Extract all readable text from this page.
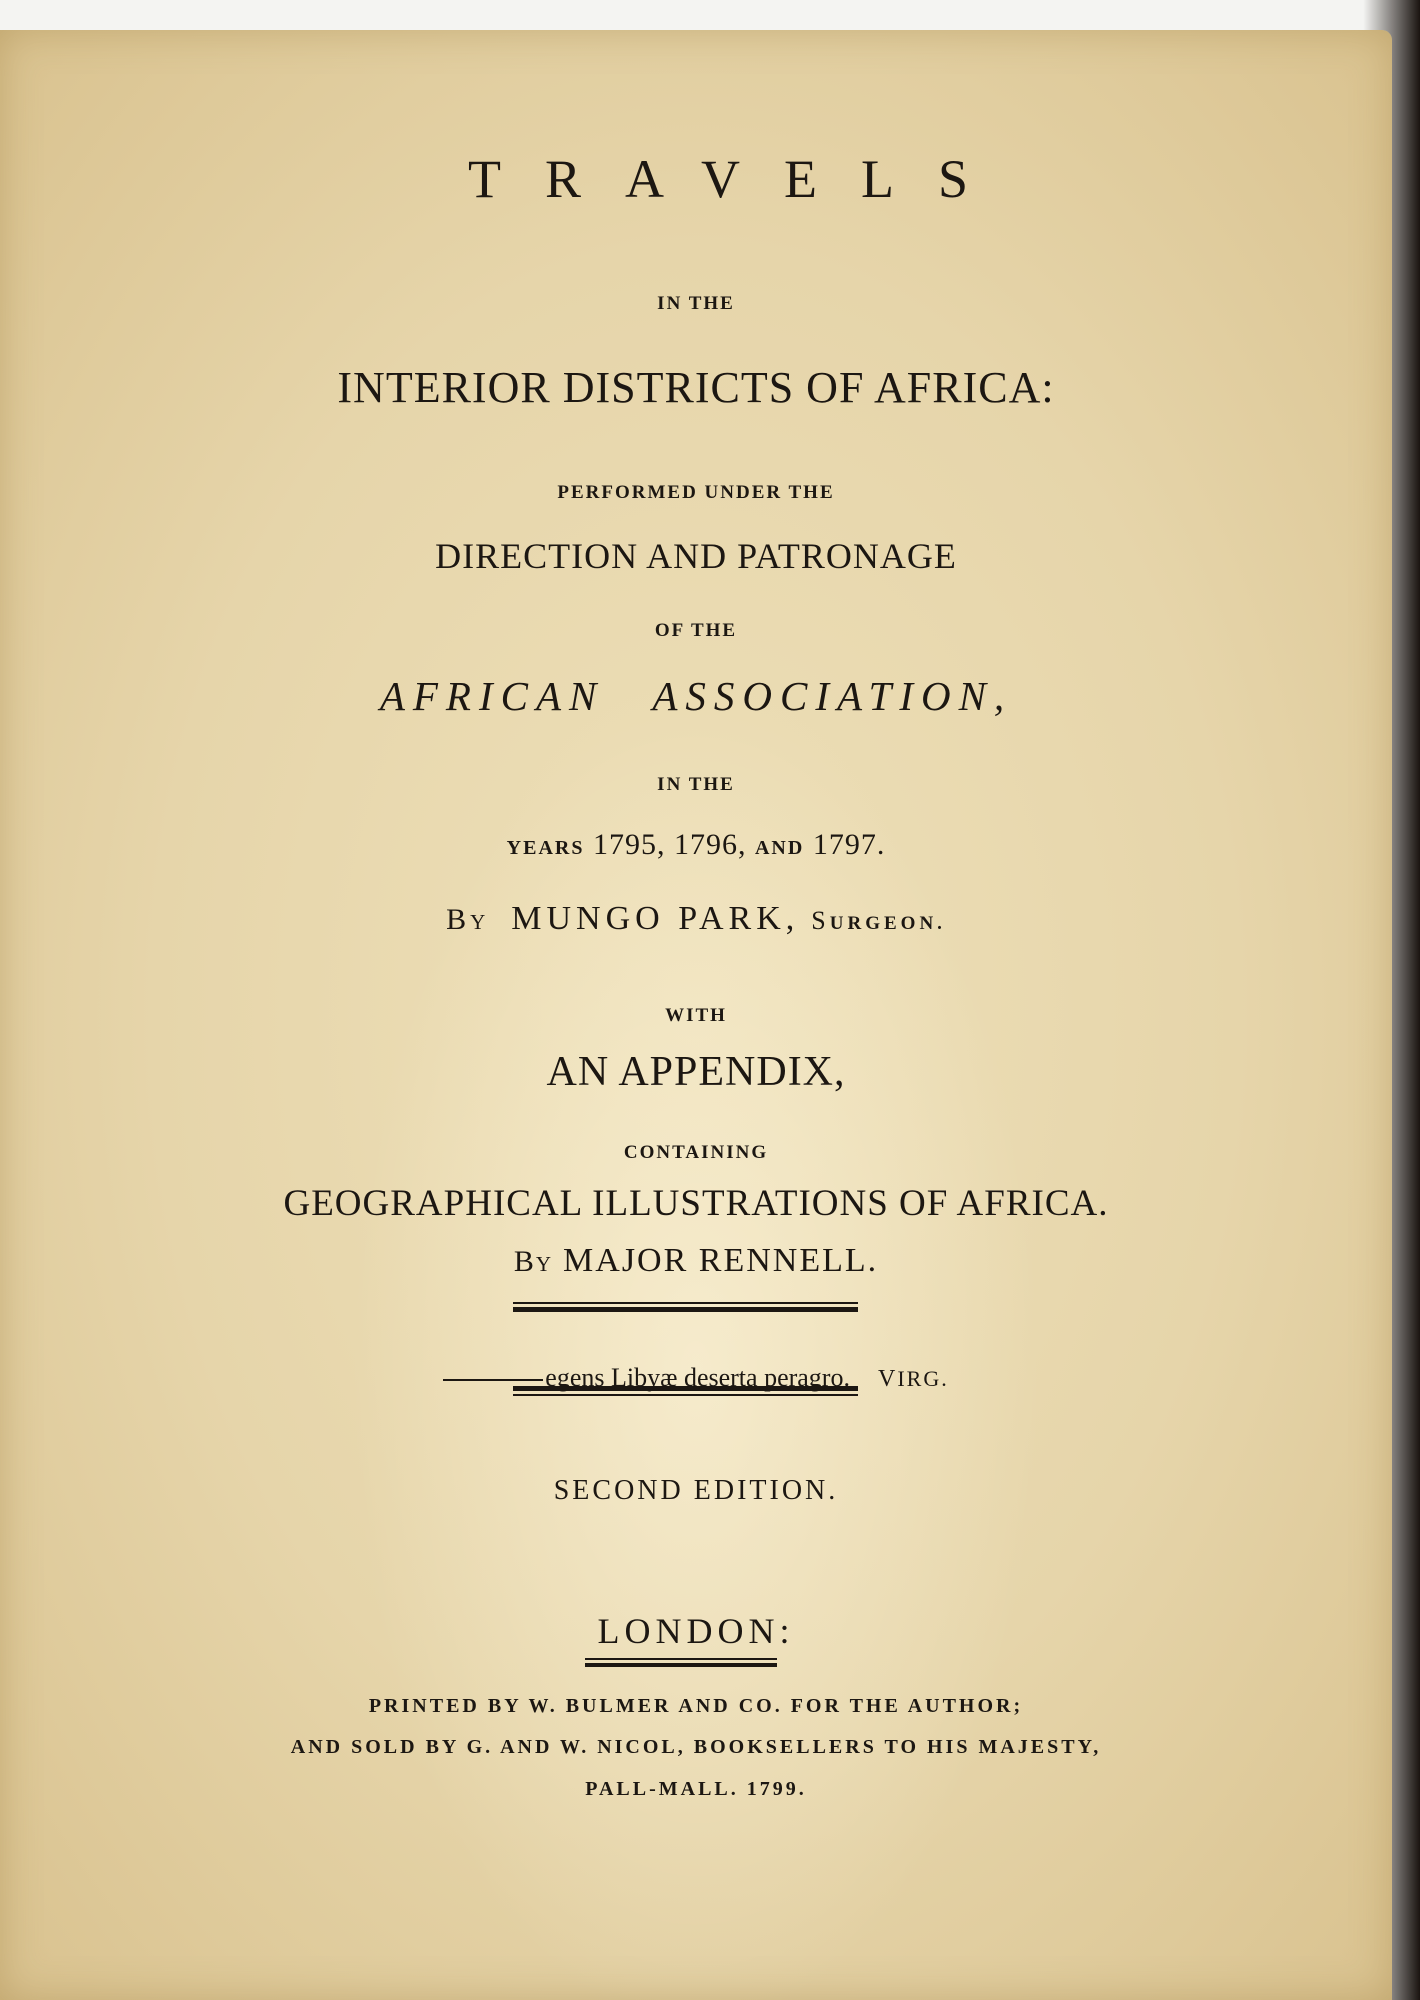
TRAVELS
IN THE
INTERIOR DISTRICTS OF AFRICA:
PERFORMED UNDER THE
DIRECTION AND PATRONAGE
OF THE
AFRICAN ASSOCIATION,
IN THE
YEARS 1795, 1796, AND 1797.
BY MUNGO PARK, SURGEON.
WITH
AN APPENDIX,
CONTAINING
GEOGRAPHICAL ILLUSTRATIONS OF AFRICA.
BY MAJOR RENNELL.
egens Libyæ deserta peragro. VIRG.
SECOND EDITION.
LONDON:
PRINTED BY W. BULMER AND CO. FOR THE AUTHOR;
AND SOLD BY G. AND W. NICOL, BOOKSELLERS TO HIS MAJESTY,
PALL-MALL. 1799.
